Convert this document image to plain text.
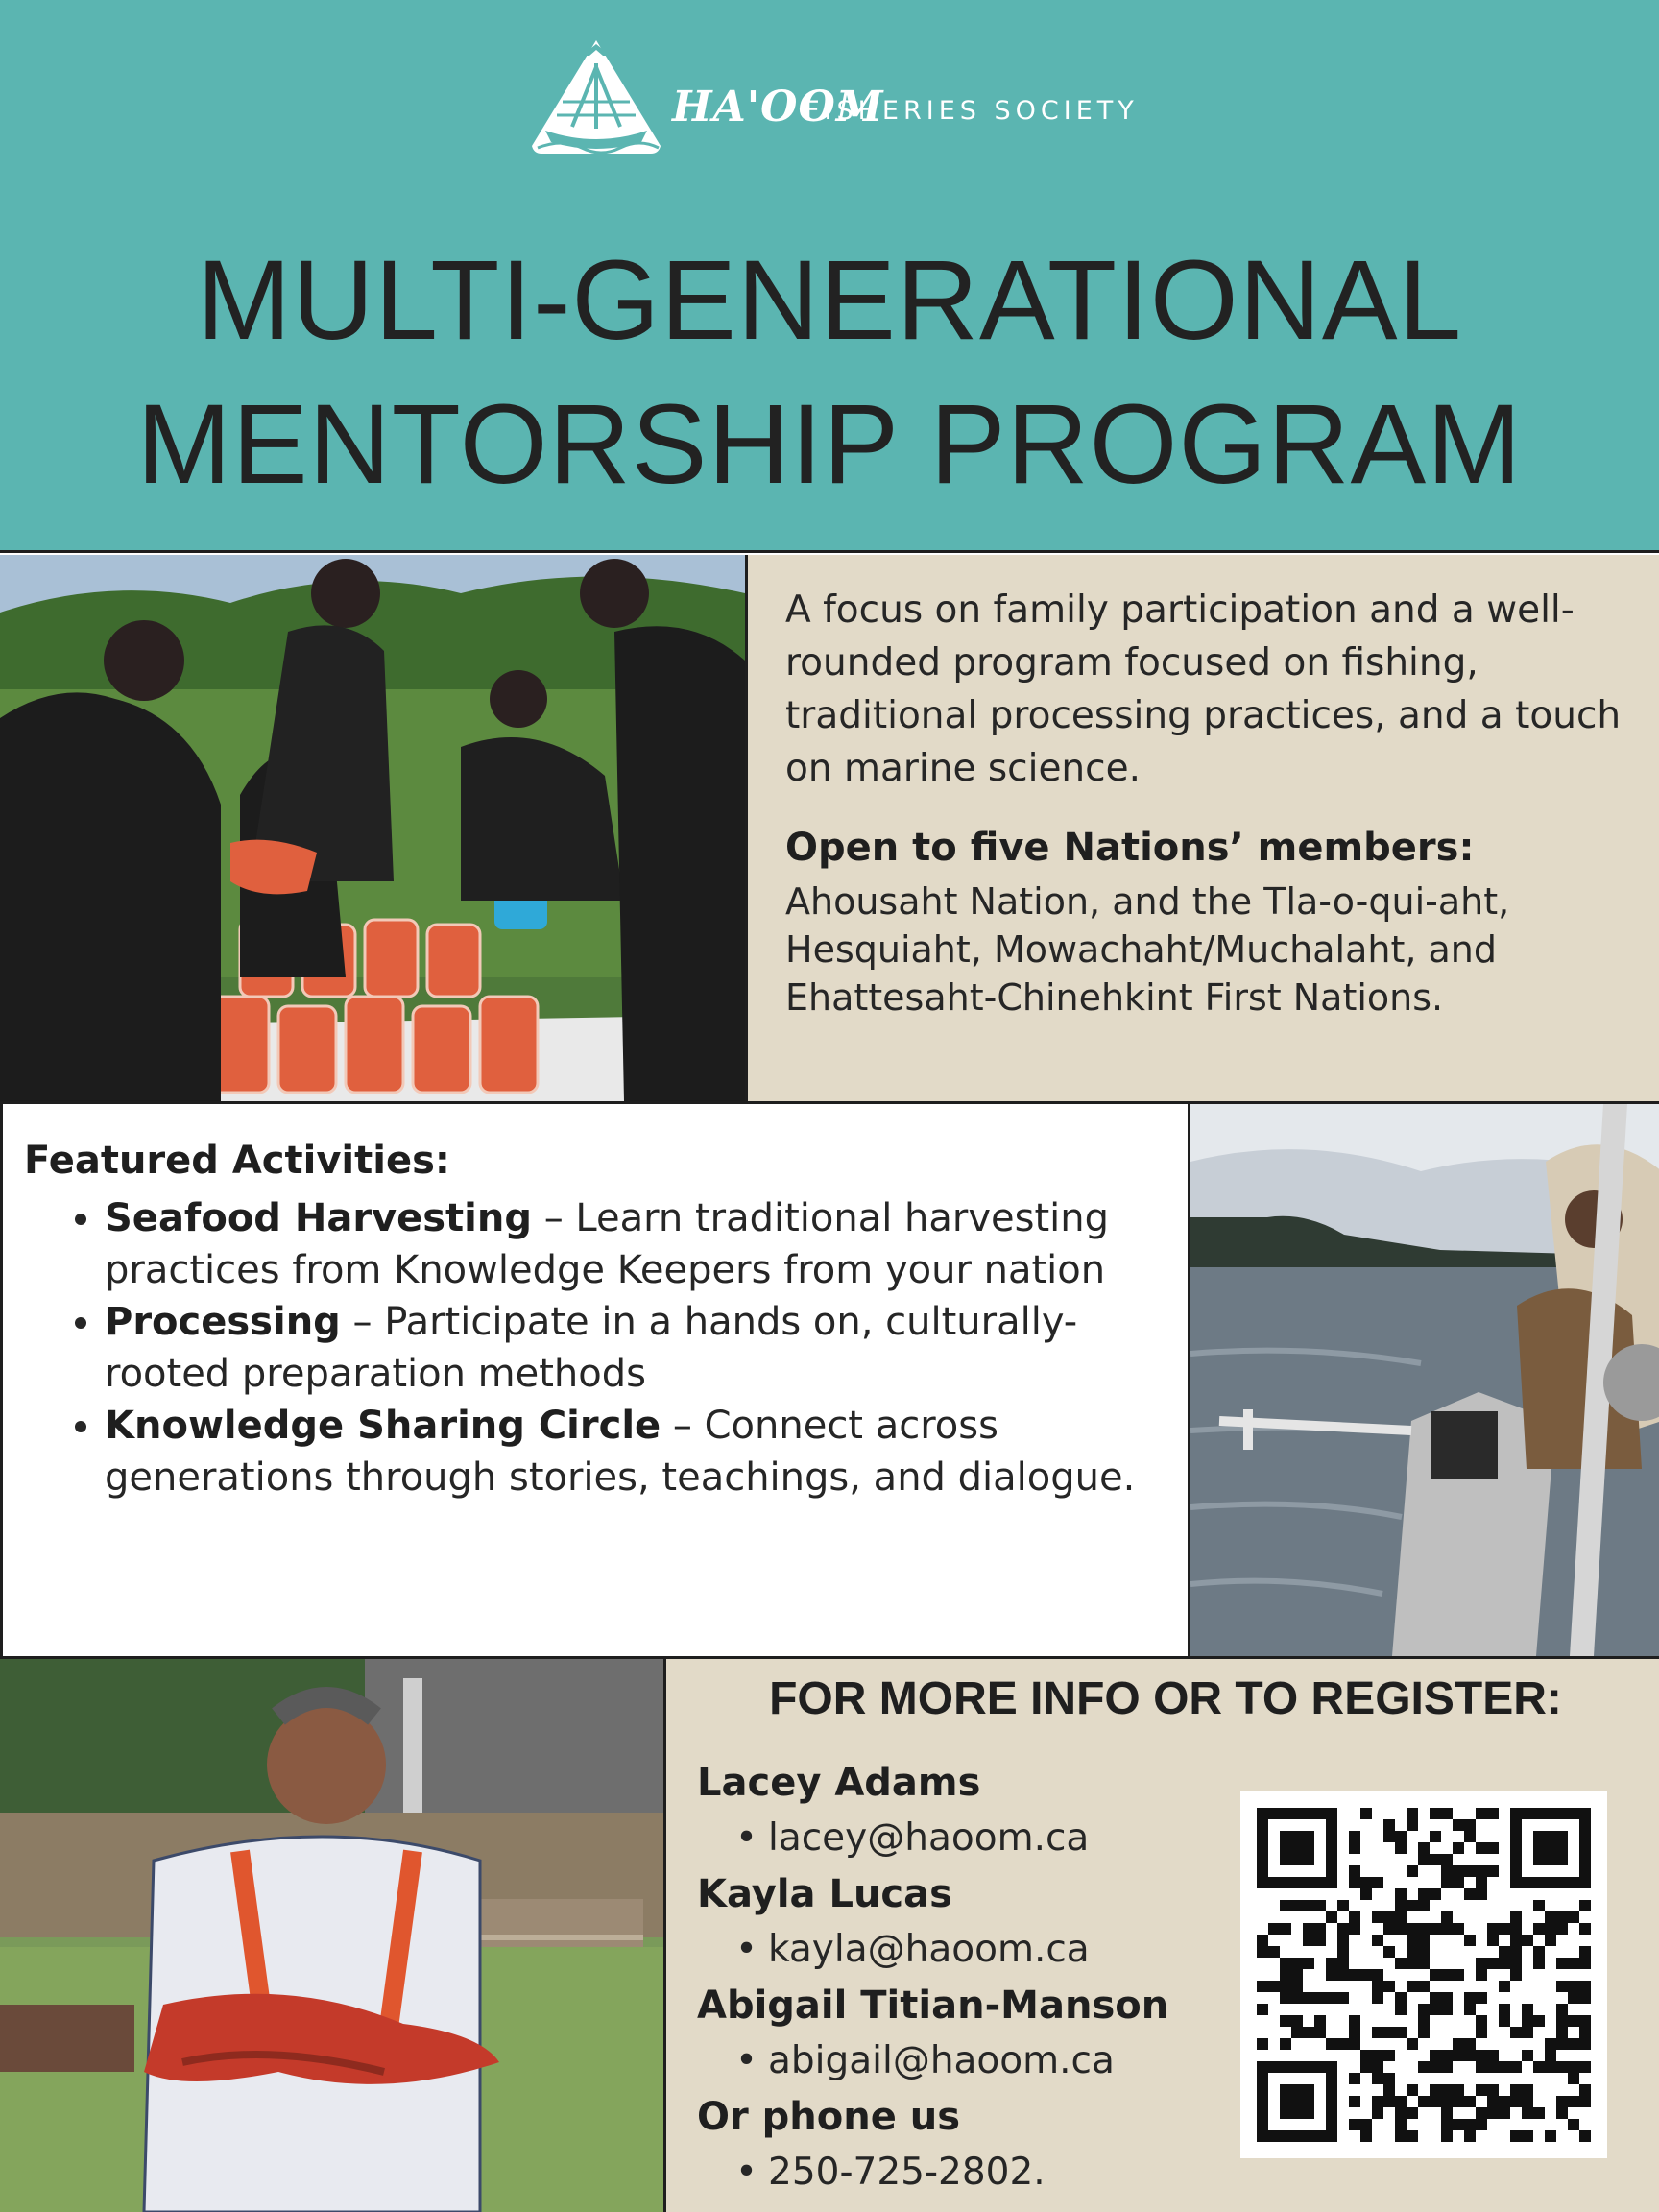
HA'OOM
FISHERIES SOCIETY
MULTI-GENERATIONAL
MENTORSHIP PROGRAM
A focus on family participation and a well-rounded program focused on fishing, traditional processing practices, and a touch on marine science.
Open to five Nations’ members:
Ahousaht Nation, and the Tla-o-qui-aht, Hesquiaht, Mowachaht/Muchalaht, and Ehattesaht-Chinehkint First Nations.
Featured Activities:
• Seafood Harvesting – Learn traditional harvesting practices from Knowledge Keepers from your nation
• Processing – Participate in a hands on, culturally-rooted preparation methods
• Knowledge Sharing Circle – Connect across generations through stories, teachings, and dialogue.
FOR MORE INFO OR TO REGISTER:
Lacey Adams
• lacey@haoom.ca
Kayla Lucas
• kayla@haoom.ca
Abigail Titian-Manson
• abigail@haoom.ca
Or phone us
• 250-725-2802.
